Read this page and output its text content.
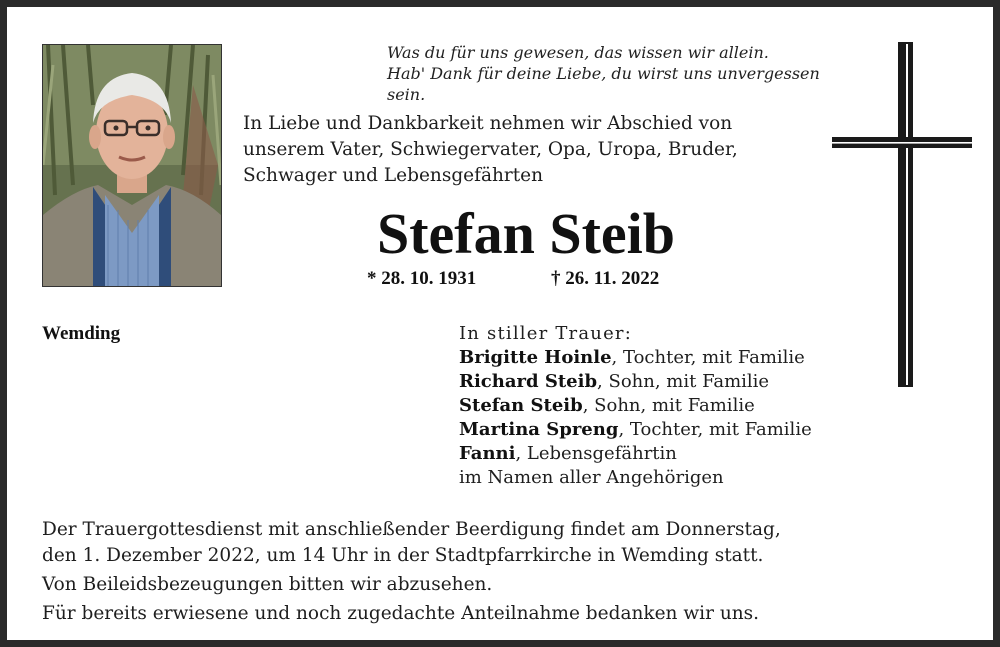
Was du für uns gewesen, das wissen wir allein.
Hab' Dank für deine Liebe, du wirst uns unvergessen sein.
In Liebe und Dankbarkeit nehmen wir Abschied von
unserem Vater, Schwiegervater, Opa, Uropa, Bruder,
Schwager und Lebensgefährten
Stefan Steib
* 28. 10. 1931	† 26. 11. 2022
Wemding	In stiller Trauer:
Brigitte Hoinle, Tochter, mit Familie
Richard Steib, Sohn, mit Familie
Stefan Steib, Sohn, mit Familie
Martina Spreng, Tochter, mit Familie
Fanni, Lebensgefährtin
im Namen aller Angehörigen

Der Trauergottesdienst mit anschließender Beerdigung findet am Donnerstag,

den 1. Dezember 2022, um 14 Uhr in der Stadtpfarrkirche in Wemding statt.

Von Beileidsbezeugungen bitten wir abzusehen.

Für bereits erwiesene und noch zugedachte Anteilnahme bedanken wir uns.
